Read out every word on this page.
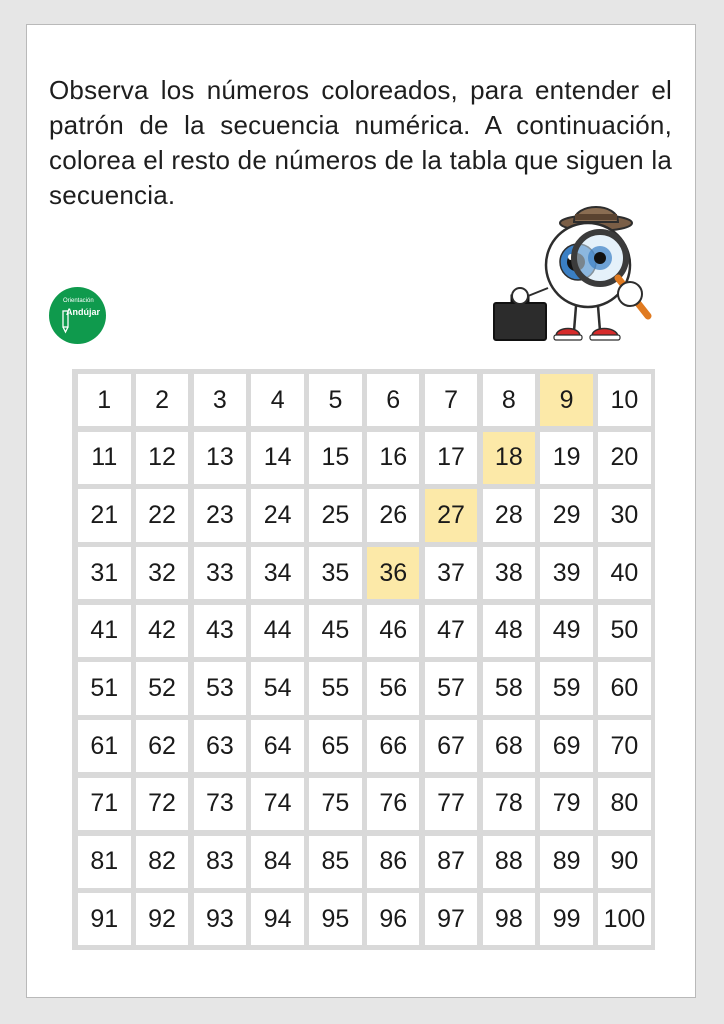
Observa los números coloreados, para entender el patrón de la secuencia numérica. A continuación, colorea el resto de números de la tabla que siguen la secuencia.

Orientación
Andújar
1	2	3	4	5	6	7	8	9	10
11	12	13	14	15	16	17	18	19	20
21	22	23	24	25	26	27	28	29	30
31	32	33	34	35	36	37	38	39	40
41	42	43	44	45	46	47	48	49	50
51	52	53	54	55	56	57	58	59	60
61	62	63	64	65	66	67	68	69	70
71	72	73	74	75	76	77	78	79	80
81	82	83	84	85	86	87	88	89	90
91	92	93	94	95	96	97	98	99 100
